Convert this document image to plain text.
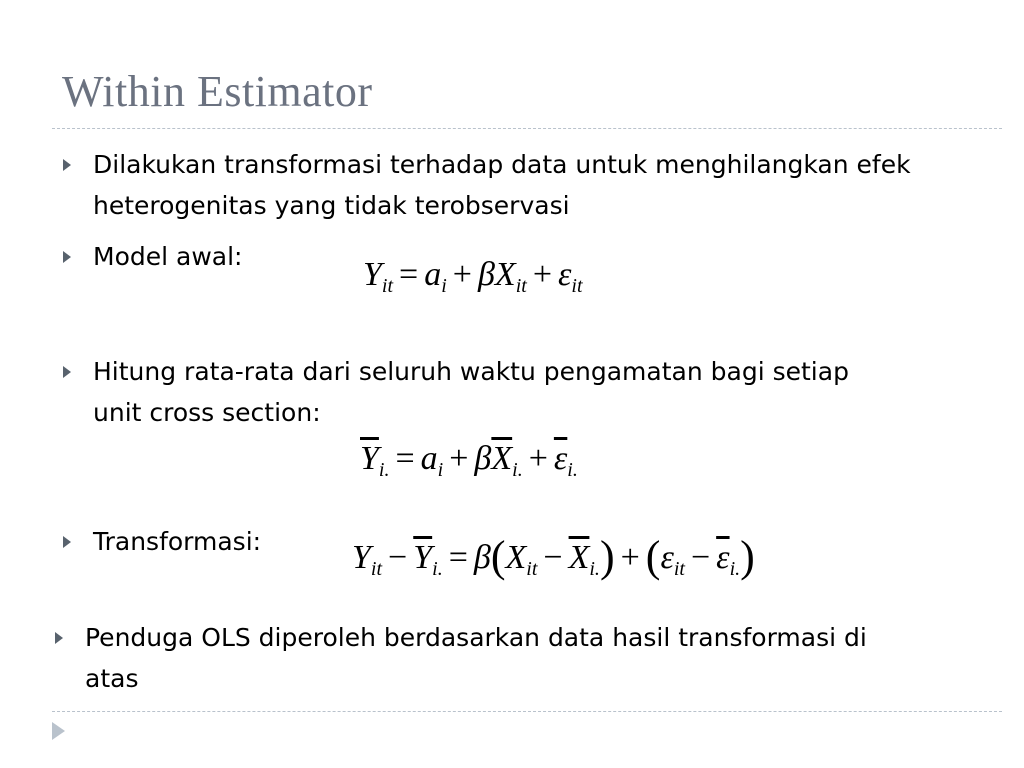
Within Estimator
Dilakukan transformasi terhadap data untuk menghilangkan efek
heterogenitas yang tidak terobservasi
Model awal:	$Y_{it} = a_i + \beta X_{it} + \varepsilon_{it}$
Hitung rata-rata dari seluruh waktu pengamatan bagi setiap
unit cross section:
$\overline{Y}_{i.} = a_i + \beta\overline{X}_{i.} + \overline{\varepsilon}_{i.}$
Transformasi:	$Y_{it} - \overline{Y}_{i.} = \beta(X_{it} - \overline{X}_{i.}) + (\varepsilon_{it} - \overline{\varepsilon}_{i.})$
Penduga OLS diperoleh berdasarkan data hasil transformasi di
atas
